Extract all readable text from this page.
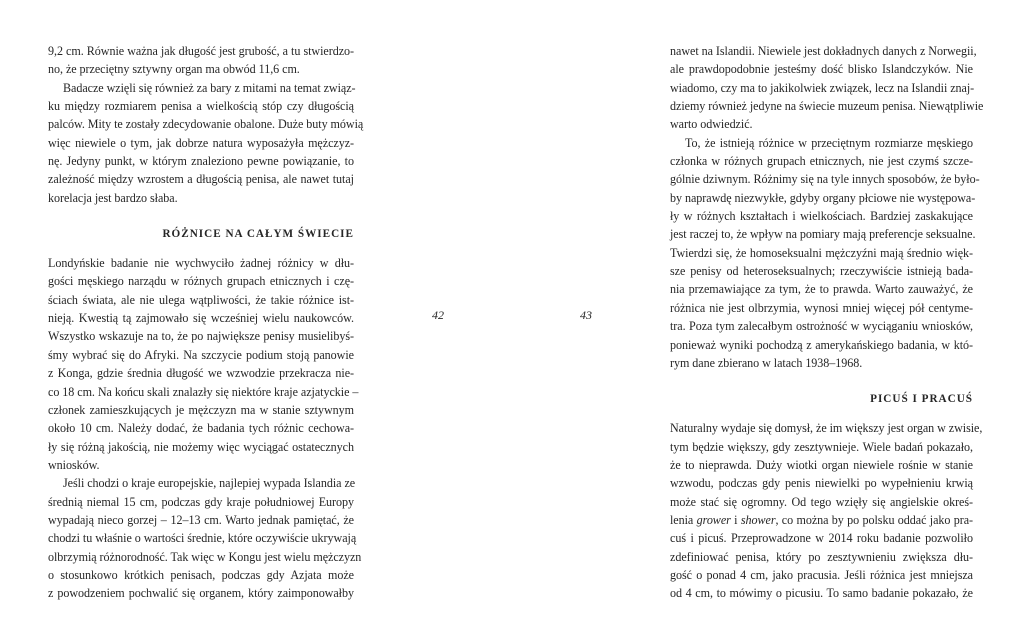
9,2 cm. Równie ważna jak długość jest grubość, a tu stwierdzo-
no, że przeciętny sztywny organ ma obwód 11,6 cm.
Badacze wzięli się również za bary z mitami na temat związ-
ku między rozmiarem penisa a wielkością stóp czy długością
palców. Mity te zostały zdecydowanie obalone. Duże buty mówią
więc niewiele o tym, jak dobrze natura wyposażyła mężczyz-
nę. Jedyny punkt, w którym znaleziono pewne powiązanie, to
zależność między wzrostem a długością penisa, ale nawet tutaj
korelacja jest bardzo słaba.
RÓŻNICE NA CAŁYM ŚWIECIE
Londyńskie badanie nie wychwyciło żadnej różnicy w dłu-
gości męskiego narządu w różnych grupach etnicznych i czę-
ściach świata, ale nie ulega wątpliwości, że takie różnice ist-
nieją. Kwestią tą zajmowało się wcześniej wielu naukowców.
Wszystko wskazuje na to, że po największe penisy musielibyś-
śmy wybrać się do Afryki. Na szczycie podium stoją panowie
z Konga, gdzie średnia długość we wzwodzie przekracza nie-
co 18 cm. Na końcu skali znalazły się niektóre kraje azjatyckie –
członek zamieszkujących je mężczyzn ma w stanie sztywnym
około 10 cm. Należy dodać, że badania tych różnic cechowa-
ły się różną jakością, nie możemy więc wyciągać ostatecznych
wniosków.
Jeśli chodzi o kraje europejskie, najlepiej wypada Islandia ze
średnią niemal 15 cm, podczas gdy kraje południowej Europy
wypadają nieco gorzej – 12–13 cm. Warto jednak pamiętać, że
chodzi tu właśnie o wartości średnie, które oczywiście ukrywają
olbrzymią różnorodność. Tak więc w Kongu jest wielu mężczyzn
o stosunkowo krótkich penisach, podczas gdy Azjata może
z powodzeniem pochwalić się organem, który zaimponowałby
42	43
nawet na Islandii. Niewiele jest dokładnych danych z Norwegii,
ale prawdopodobnie jesteśmy dość blisko Islandczyków. Nie
wiadomo, czy ma to jakikolwiek związek, lecz na Islandii znaj-
dziemy również jedyne na świecie muzeum penisa. Niewątpliwie
warto odwiedzić.
To, że istnieją różnice w przeciętnym rozmiarze męskiego
członka w różnych grupach etnicznych, nie jest czymś szcze-
gólnie dziwnym. Różnimy się na tyle innych sposobów, że było-
by naprawdę niezwykłe, gdyby organy płciowe nie występowa-
ły w różnych kształtach i wielkościach. Bardziej zaskakujące
jest raczej to, że wpływ na pomiary mają preferencje seksualne.
Twierdzi się, że homoseksualni mężczyźni mają średnio więk-
sze penisy od heteroseksualnych; rzeczywiście istnieją bada-
nia przemawiające za tym, że to prawda. Warto zauważyć, że
różnica nie jest olbrzymia, wynosi mniej więcej pół centyme-
tra. Poza tym zalecałbym ostrożność w wyciąganiu wniosków,
ponieważ wyniki pochodzą z amerykańskiego badania, w któ-
rym dane zbierano w latach 1938–1968.
PICUŚ I PRACUŚ
Naturalny wydaje się domysł, że im większy jest organ w zwisie,
tym będzie większy, gdy zesztywnieje. Wiele badań pokazało,
że to nieprawda. Duży wiotki organ niewiele rośnie w stanie
wzwodu, podczas gdy penis niewielki po wypełnieniu krwią
może stać się ogromny. Od tego wzięły się angielskie okreś-
lenia grower i shower, co można by po polsku oddać jako pra-
cuś i picuś. Przeprowadzone w 2014 roku badanie pozwoliło
zdefiniować penisa, który po zesztywnieniu zwiększa dłu-
gość o ponad 4 cm, jako pracusia. Jeśli różnica jest mniejsza
od 4 cm, to mówimy o picusiu. To samo badanie pokazało, że
